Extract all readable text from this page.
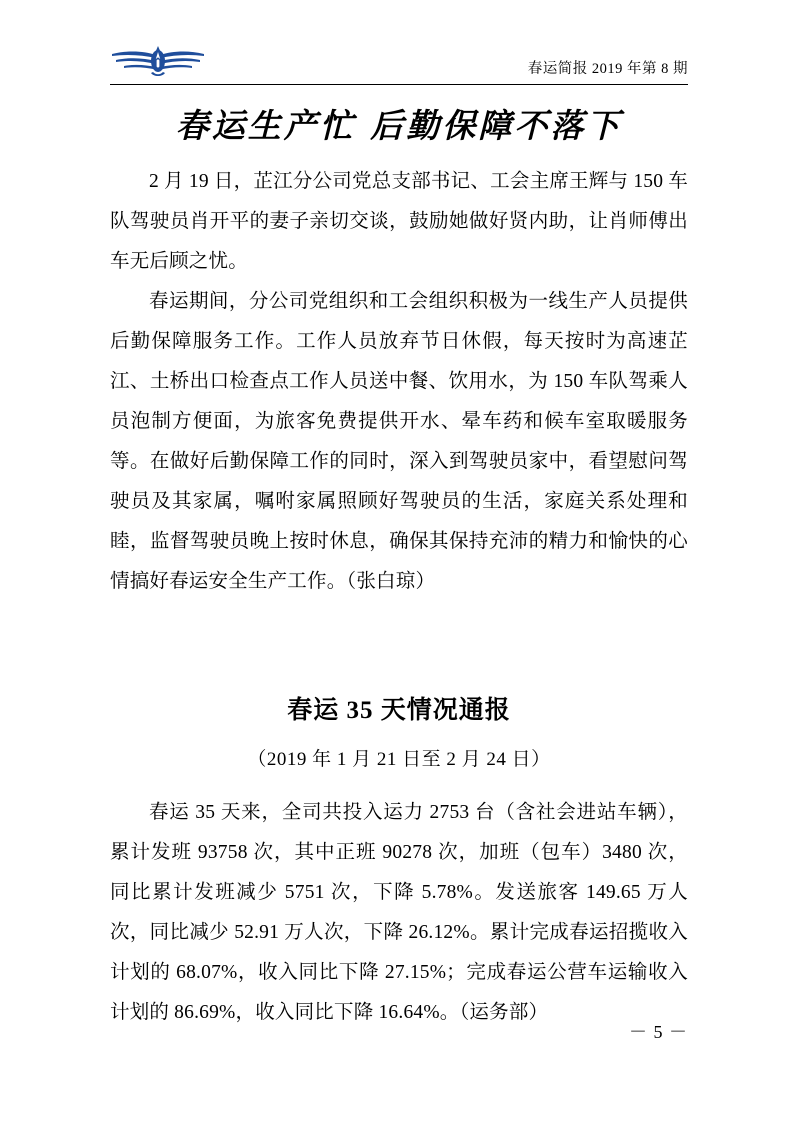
春运简报 2019 年第 8 期
春运生产忙 后勤保障不落下

2 月 19 日，芷江分公司党总支部书记、工会主席王辉与 150 车队驾驶员肖开平的妻子亲切交谈，鼓励她做好贤内助，让肖师傅出车无后顾之忧。

春运期间，分公司党组织和工会组织积极为一线生产人员提供后勤保障服务工作。工作人员放弃节日休假，每天按时为高速芷江、土桥出口检查点工作人员送中餐、饮用水，为 150 车队驾乘人员泡制方便面，为旅客免费提供开水、晕车药和候车室取暖服务等。在做好后勤保障工作的同时，深入到驾驶员家中，看望慰问驾驶员及其家属，嘱咐家属照顾好驾驶员的生活，家庭关系处理和睦，监督驾驶员晚上按时休息，确保其保持充沛的精力和愉快的心情搞好春运安全生产工作。（张白琼）

春运 35 天情况通报
（2019 年 1 月 21 日至 2 月 24 日）

春运 35 天来，全司共投入运力 2753 台（含社会进站车辆），累计发班 93758 次，其中正班 90278 次，加班（包车）3480 次，同比累计发班减少 5751 次，下降 5.78%。发送旅客 149.65 万人次，同比减少 52.91 万人次，下降 26.12%。累计完成春运招揽收入计划的 68.07%，收入同比下降 27.15%；完成春运公营车运输收入计划的 86.69%，收入同比下降 16.64%。（运务部）

－ 5 －
